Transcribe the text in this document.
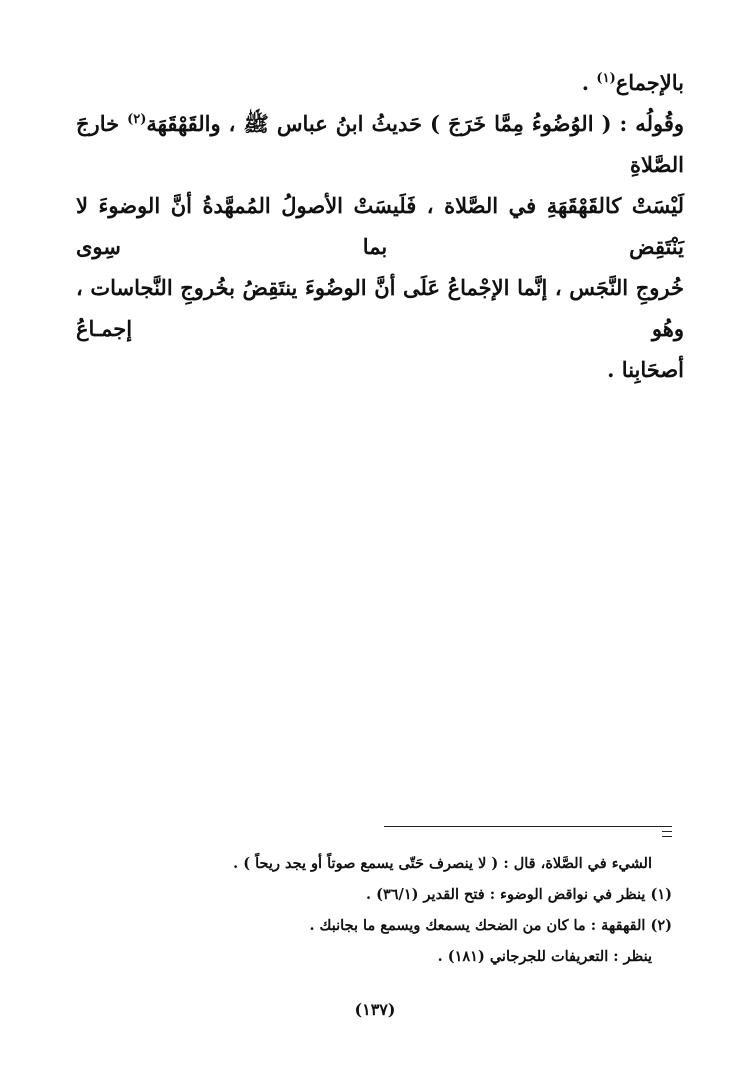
بالإجماع$^{(١)}$ .
وقُولُه : ( الوُضُوءُ مِمَّا خَرَجَ ) حَديثُ ابنُ عباس ﷺ ، والقَهْقَهَة$^{(٢)}$ خارجَ الصَّلاةِ
لَيْسَتْ كالقَهْقَهَةِ في الصَّلاة ، فَلَيسَتْ الأصولُ المُمهَّدةُ أنَّ الوضوءَ لا يَنْتَقِض بما سِوى
خُروجِ النَّجَس ، إنَّما الإجْماعُ عَلَى أنَّ الوضُوءَ ينتَقِضُ بخُروجِ النَّجاسات ، وهُو إجمـاعُ
أصحَابِنا .
الشيء في الصَّلاة، قال : ( لا ينصرف حَتّى يسمع صوتاً أو يجد ريحاً ) .
(١) ينظر في نواقض الوضوء : فتح القدير (٣٦/١) .
(٢) القهقهة : ما كان من الضحك يسمعك ويسمع ما بجانبك .
ينظر : التعريفات للجرجاني (١٨١) .
(١٣٧)
